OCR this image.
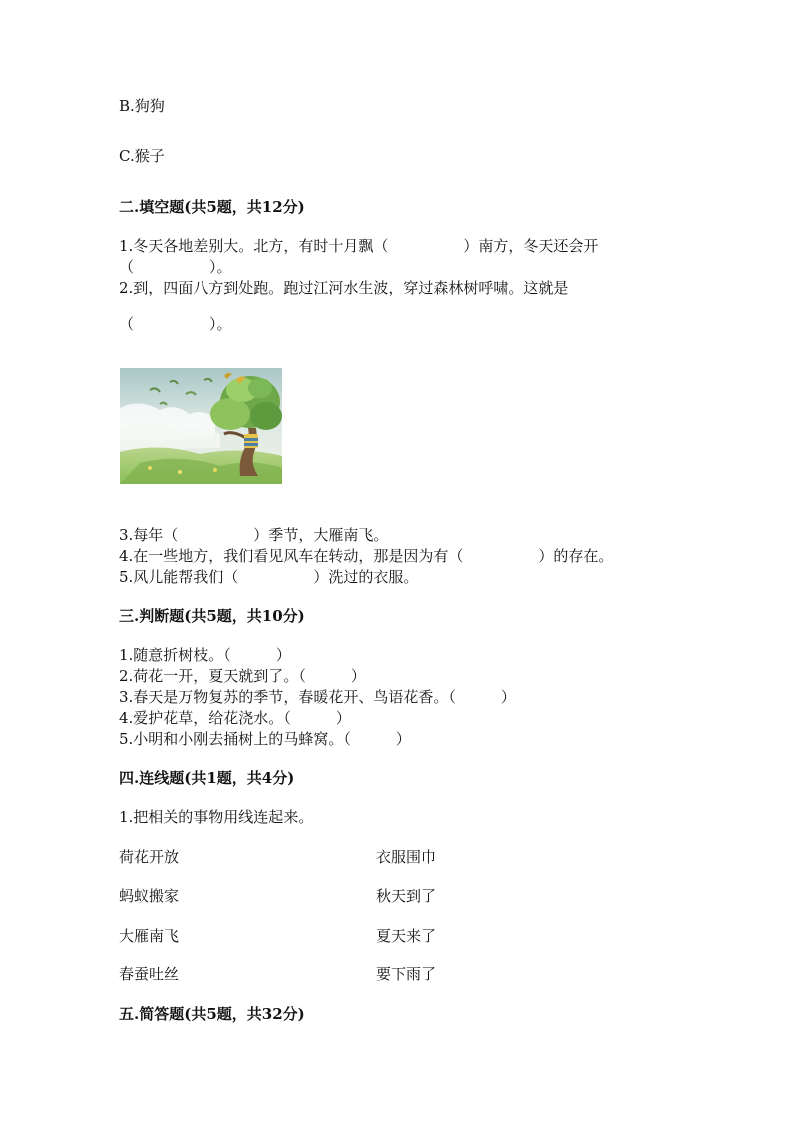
B.狗狗
C.猴子
二.填空题(共5题，共12分)
1.冬天各地差别大。北方，有时十月飘（　　　　　）南方，冬天还会开
（　　　　　）。
2.到，四面八方到处跑。跑过江河水生波，穿过森林树呼啸。这就是
（　　　　　）。
3.每年（　　　　　）季节，大雁南飞。
4.在一些地方，我们看见风车在转动，那是因为有（　　　　　）的存在。
5.风儿能帮我们（　　　　　）洗过的衣服。
三.判断题(共5题，共10分)
1.随意折树枝。（　　　）
2.荷花一开，夏天就到了。（　　　）
3.春天是万物复苏的季节，春暖花开、鸟语花香。（　　　）
4.爱护花草，给花浇水。（　　　）
5.小明和小刚去捅树上的马蜂窝。（　　　）
四.连线题(共1题，共4分)
1.把相关的事物用线连起来。
荷花开放	衣服围巾
蚂蚁搬家	秋天到了
大雁南飞	夏天来了
春蚕吐丝	要下雨了
五.简答题(共5题，共32分)
